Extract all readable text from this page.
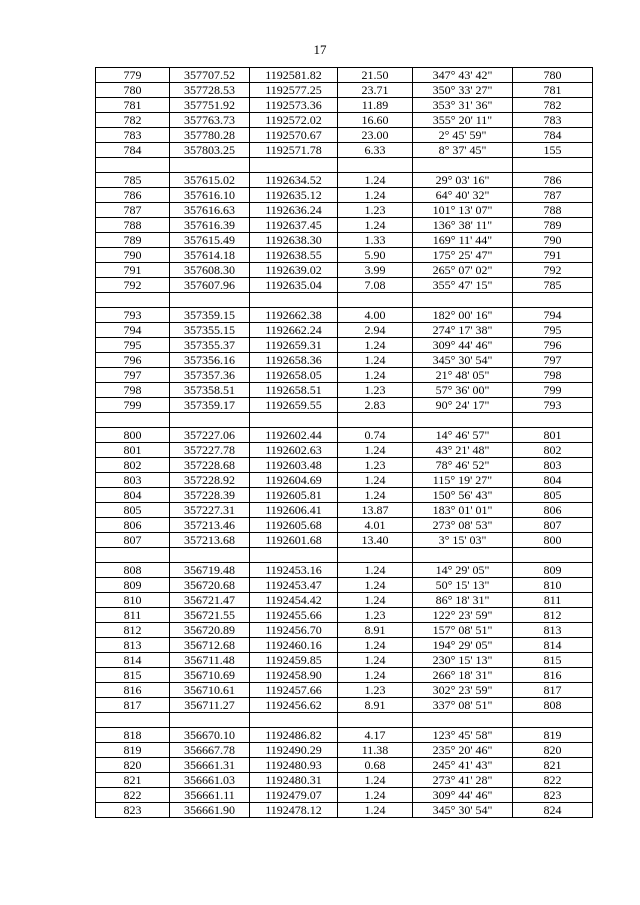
17
779	357707.52	1192581.82	21.50	347° 43' 42"	780
780	357728.53	1192577.25	23.71	350° 33' 27"	781
781	357751.92	1192573.36	11.89	353° 31' 36"	782
782	357763.73	1192572.02	16.60	355° 20' 11"	783
783	357780.28	1192570.67	23.00	2° 45' 59"	784
784	357803.25	1192571.78	6.33	8° 37' 45"	155

785	357615.02	1192634.52	1.24	29° 03' 16"	786
786	357616.10	1192635.12	1.24	64° 40' 32"	787
787	357616.63	1192636.24	1.23	101° 13' 07"	788
788	357616.39	1192637.45	1.24	136° 38' 11"	789
789	357615.49	1192638.30	1.33	169° 11' 44"	790
790	357614.18	1192638.55	5.90	175° 25' 47"	791
791	357608.30	1192639.02	3.99	265° 07' 02"	792
792	357607.96	1192635.04	7.08	355° 47' 15"	785

793	357359.15	1192662.38	4.00	182° 00' 16"	794
794	357355.15	1192662.24	2.94	274° 17' 38"	795
795	357355.37	1192659.31	1.24	309° 44' 46"	796
796	357356.16	1192658.36	1.24	345° 30' 54"	797
797	357357.36	1192658.05	1.24	21° 48' 05"	798
798	357358.51	1192658.51	1.23	57° 36' 00"	799
799	357359.17	1192659.55	2.83	90° 24' 17"	793

800	357227.06	1192602.44	0.74	14° 46' 57"	801
801	357227.78	1192602.63	1.24	43° 21' 48"	802
802	357228.68	1192603.48	1.23	78° 46' 52"	803
803	357228.92	1192604.69	1.24	115° 19' 27"	804
804	357228.39	1192605.81	1.24	150° 56' 43"	805
805	357227.31	1192606.41	13.87	183° 01' 01"	806
806	357213.46	1192605.68	4.01	273° 08' 53"	807
807	357213.68	1192601.68	13.40	3° 15' 03"	800

808	356719.48	1192453.16	1.24	14° 29' 05"	809
809	356720.68	1192453.47	1.24	50° 15' 13"	810
810	356721.47	1192454.42	1.24	86° 18' 31"	811
811	356721.55	1192455.66	1.23	122° 23' 59"	812
812	356720.89	1192456.70	8.91	157° 08' 51"	813
813	356712.68	1192460.16	1.24	194° 29' 05"	814
814	356711.48	1192459.85	1.24	230° 15' 13"	815
815	356710.69	1192458.90	1.24	266° 18' 31"	816
816	356710.61	1192457.66	1.23	302° 23' 59"	817
817	356711.27	1192456.62	8.91	337° 08' 51"	808

818	356670.10	1192486.82	4.17	123° 45' 58"	819
819	356667.78	1192490.29	11.38	235° 20' 46"	820
820	356661.31	1192480.93	0.68	245° 41' 43"	821
821	356661.03	1192480.31	1.24	273° 41' 28"	822
822	356661.11	1192479.07	1.24	309° 44' 46"	823
823	356661.90	1192478.12	1.24	345° 30' 54"	824
